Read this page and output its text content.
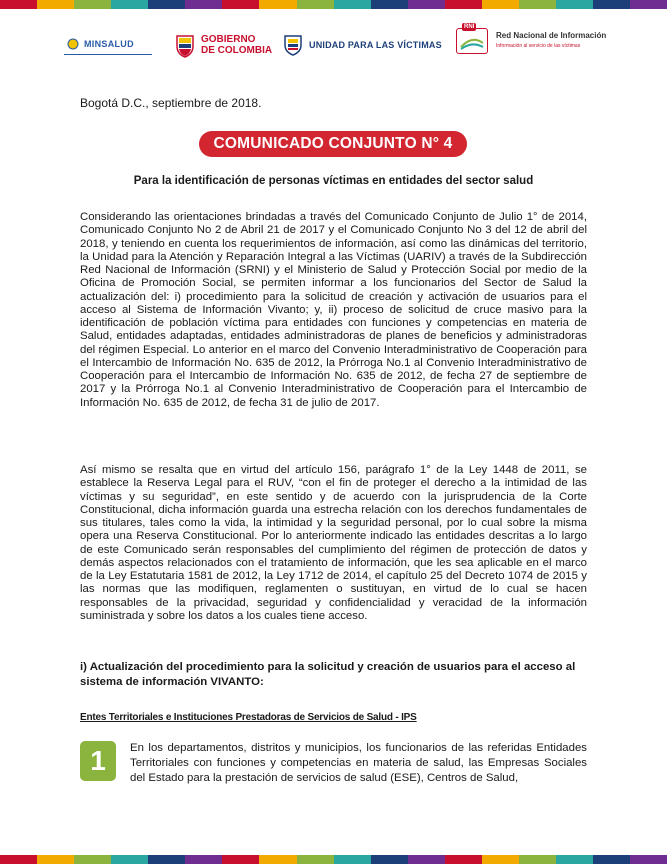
MINSALUD	GOBIERNO
DE COLOMBIA	UNIDAD PARA LAS VÍCTIMAS
RNI
Red Nacional de Información
Información al servicio de las víctimas
Bogotá D.C., septiembre de 2018.
COMUNICADO CONJUNTO N° 4
Para la identificación de personas víctimas en entidades del sector salud
Considerando las orientaciones brindadas a través del Comunicado Conjunto de Julio 1° de 2014, Comunicado Conjunto No 2 de Abril 21 de 2017 y el Comunicado Conjunto No 3 del 12 de abril del 2018, y teniendo en cuenta los requerimientos de información, así como las dinámicas del territorio, la Unidad para la Atención y Reparación Integral a las Víctimas (UARIV) a través de la Subdirección Red Nacional de Información (SRNI) y el Ministerio de Salud y Protección Social por medio de la Oficina de Promoción Social, se permiten informar a los funcionarios del Sector de Salud la actualización del: i) procedimiento para la solicitud de creación y activación de usuarios para el acceso al Sistema de Información Vivanto; y, ii) proceso de solicitud de cruce masivo para la identificación de población víctima para entidades con funciones y competencias en materia de Salud, entidades adaptadas, entidades administradoras de planes de beneficios y administradoras del régimen Especial. Lo anterior en el marco del Convenio Interadministrativo de Cooperación para el Intercambio de Información No. 635 de 2012, la Prórroga No.1 al Convenio Interadministrativo de Cooperación para el Intercambio de Información No. 635 de 2012, de fecha 27 de septiembre de 2017 y la Prórroga No.1 al Convenio Interadministrativo de Cooperación para el Intercambio de Información No. 635 de 2012, de fecha 31 de julio de 2017.
Así mismo se resalta que en virtud del artículo 156, parágrafo 1° de la Ley 1448 de 2011, se establece la Reserva Legal para el RUV, “con el fin de proteger el derecho a la intimidad de las víctimas y su seguridad”, en este sentido y de acuerdo con la jurisprudencia de la Corte Constitucional, dicha información guarda una estrecha relación con los derechos fundamentales de sus titulares, tales como la vida, la intimidad y la seguridad personal, por lo cual sobre la misma opera una Reserva Constitucional. Por lo anteriormente indicado las entidades descritas a lo largo de este Comunicado serán responsables del cumplimiento del régimen de protección de datos y demás aspectos relacionados con el tratamiento de información, que les sea aplicable en el marco de la Ley Estatutaria 1581 de 2012, la Ley 1712 de 2014, el capítulo 25 del Decreto 1074 de 2015 y las normas que las modifiquen, reglamenten o sustituyan, en virtud de lo cual se hacen responsables de la privacidad, seguridad y confidencialidad y veracidad de la información suministrada y sobre los datos a los cuales tiene acceso.
i) Actualización del procedimiento para la solicitud y creación de usuarios para el acceso al sistema de información VIVANTO:
Entes Territoriales e Instituciones Prestadoras de Servicios de Salud - IPS
1	En los departamentos, distritos y municipios, los funcionarios de las referidas Entidades Territoriales con funciones y competencias en materia de salud, las Empresas Sociales del Estado para la prestación de servicios de salud (ESE), Centros de Salud,
